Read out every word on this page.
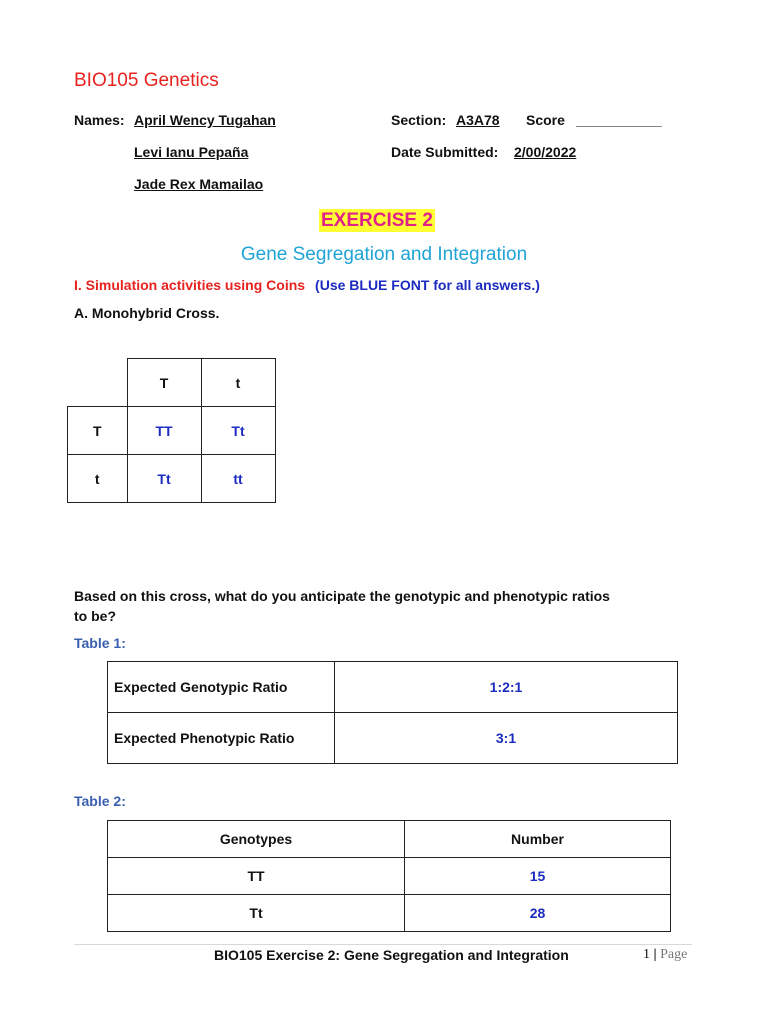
BIO105 Genetics
Names: April Wency Tugahan
Levi Ianu Pepaña
Jade Rex Mamailao
Section: A3A78 Score ___________
Date Submitted: 2/00/2022
EXERCISE 2
Gene Segregation and Integration
I. Simulation activities using Coins (Use BLUE FONT for all answers.)
A. Monohybrid Cross.
	T	t
T	TT	Tt
t	Tt	tt
Based on this cross, what do you anticipate the genotypic and phenotypic ratios
to be?
Table 1:
Expected Genotypic Ratio	1:2:1
Expected Phenotypic Ratio	3:1
Table 2:
Genotypes	Number
TT	15
Tt	28
BIO105 Exercise 2: Gene Segregation and Integration	1 | Page
